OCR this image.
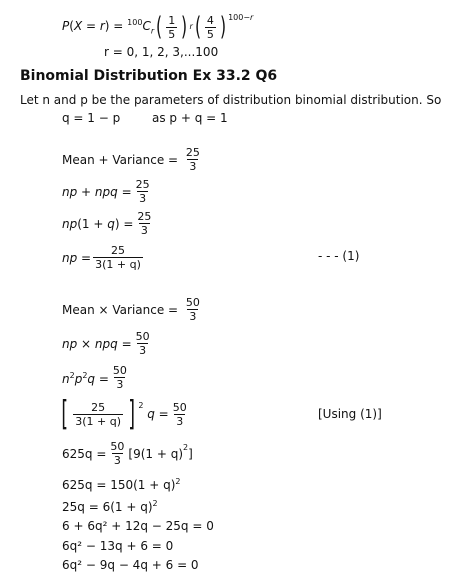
$P(X = r) = ^{100}C_r$ ( 1
5 ) r ( 4
5 ) $^{100-r}$
r = 0, 1, 2, 3,...100
Binomial Distribution Ex 33.2 Q6
Let n and p be the parameters of distribution binomial distribution. So
q = 1 − p	as p + q = 1
Mean + Variance = 25
3
np + npq = $\frac{25}{3}$
$np(1 + q) = \frac{25}{3}$
np = $\frac{25}{3(1 + q)}$	- - - (1)
Mean × Variance = 50
3
np × npq = $\frac{50}{3}$
$n^2p^2q = \frac{50}{3}$
[ 25
3(1 + q) ] $^2$
$q = \frac{50}{3}$	[Using (1)]
$625q = \frac{50}{3} [9(1 + q)^2$ ]
$625q = 150(1 + q)^2$
$25q = 6(1 + q)^2$
6 + 6q² + 12q − 25q = 0
6q² − 13q + 6 = 0
6q² − 9q − 4q + 6 = 0
